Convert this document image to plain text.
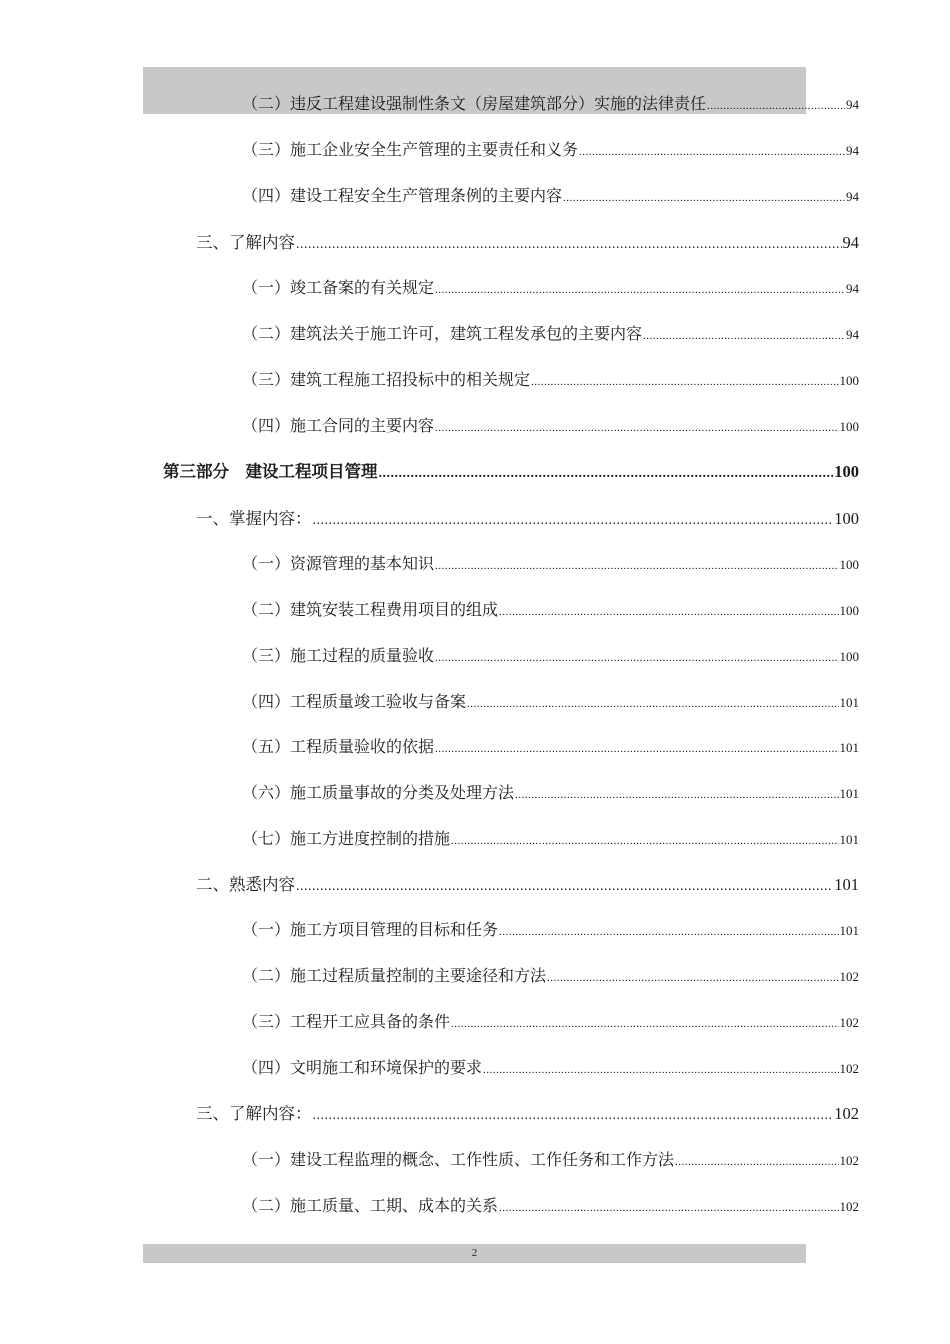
（二）违反工程建设强制性条文（房屋建筑部分）实施的法律责任 .....	94
（三）施工企业安全生产管理的主要责任和义务 .....	94
（四）建设工程安全生产管理条例的主要内容 .....	94
三、了解内容 .....	94
（一）竣工备案的有关规定 .....	94
（二）建筑法关于施工许可，建筑工程发承包的主要内容 .....	94
（三）建筑工程施工招投标中的相关规定 .....	100
（四）施工合同的主要内容 .....	100
第三部分　建设工程项目管理 .....	100
一、掌握内容： .....	100
（一）资源管理的基本知识 .....	100
（二）建筑安装工程费用项目的组成 .....	100
（三）施工过程的质量验收 .....	100
（四）工程质量竣工验收与备案 .....	101
（五）工程质量验收的依据 .....	101
（六）施工质量事故的分类及处理方法 .....	101
（七）施工方进度控制的措施 .....	101
二、熟悉内容 .....	101
（一）施工方项目管理的目标和任务 .....	101
（二）施工过程质量控制的主要途径和方法 .....	102
（三）工程开工应具备的条件 .....	102
（四）文明施工和环境保护的要求 .....	102
三、了解内容： .....	102
（一）建设工程监理的概念、工作性质、工作任务和工作方法 .....	102
（二）施工质量、工期、成本的关系 .....	102
2
